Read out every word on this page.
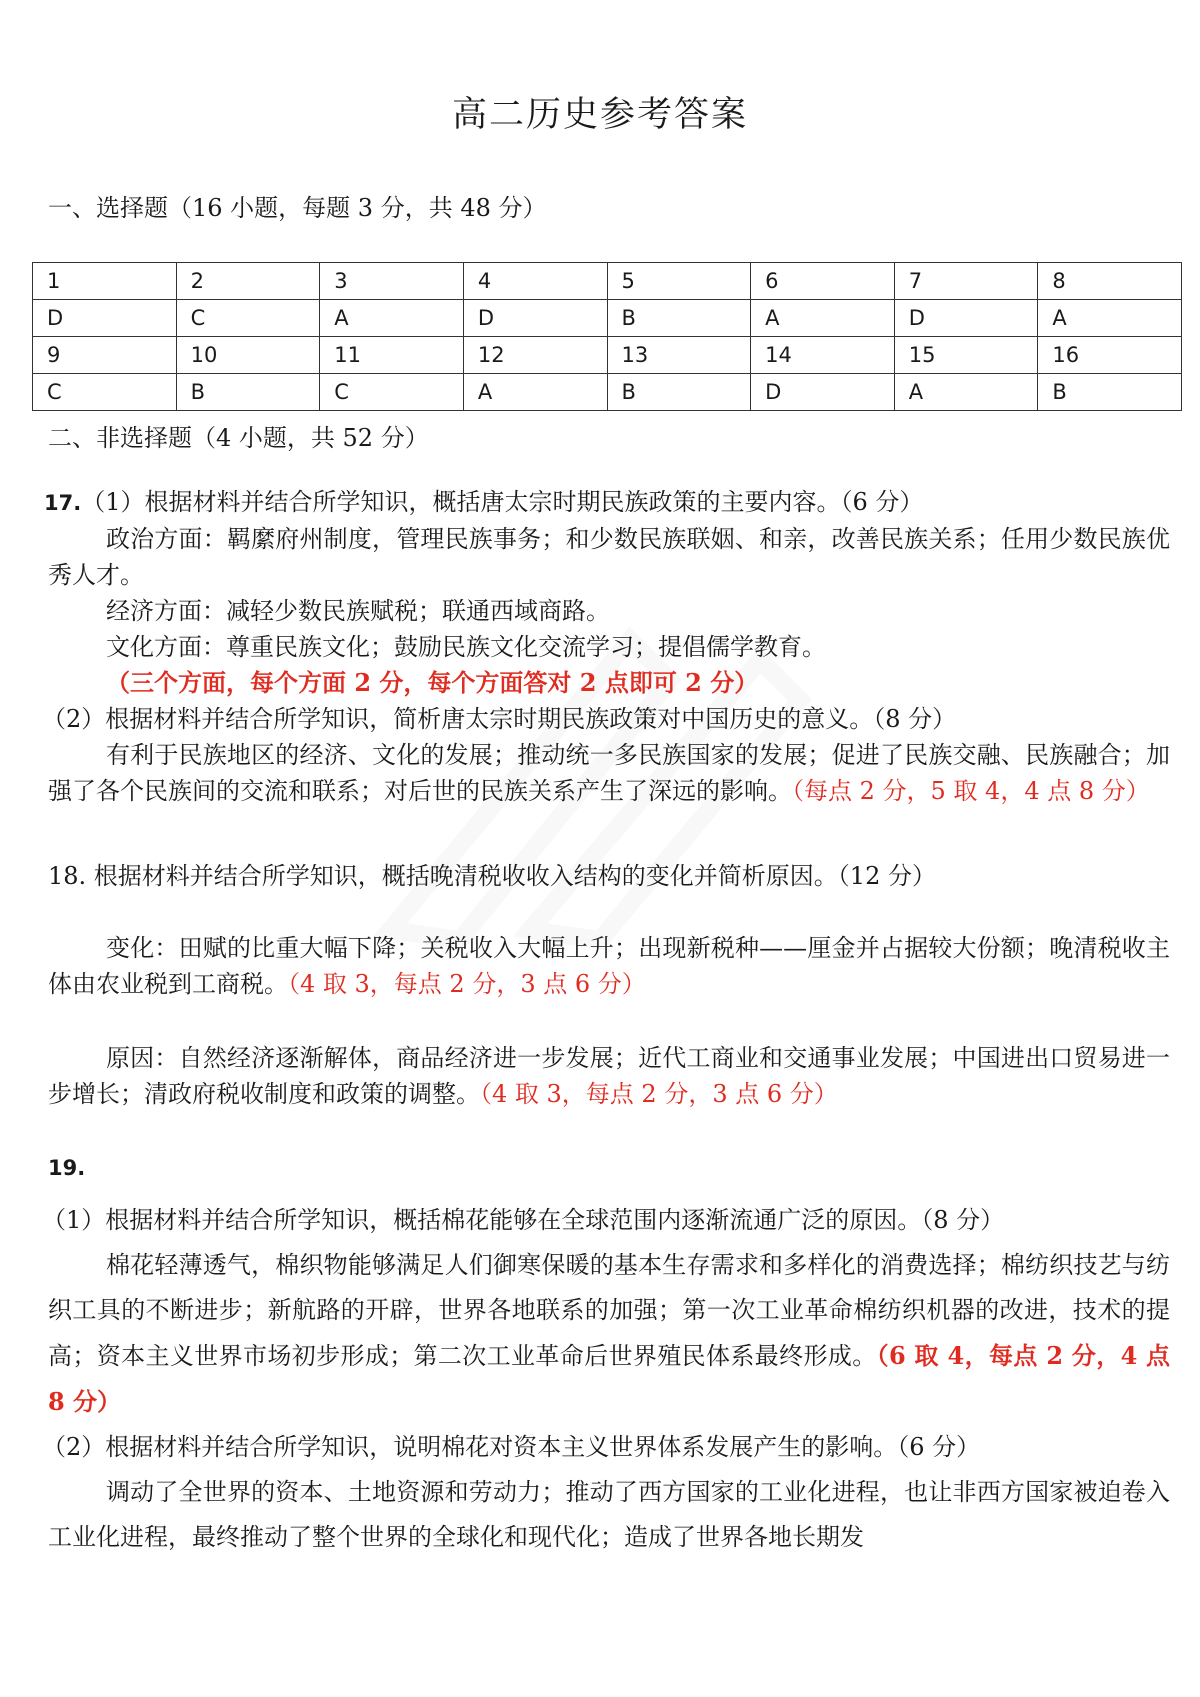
高二历史参考答案
一、选择题（16 小题，每题 3 分，共 48 分）
1	2	3	4	5	6	7	8
D	C	A	D	B	A	D	A
9	10	11	12	13	14	15	16
C	B	C	A	B	D	A	B
二、非选择题（4 小题，共 52 分）

17.（1）根据材料并结合所学知识，概括唐太宗时期民族政策的主要内容。（6 分）

政治方面：羁縻府州制度，管理民族事务；和少数民族联姻、和亲，改善民族关系；任用少数民族优秀人才。

经济方面：减轻少数民族赋税；联通西域商路。

文化方面：尊重民族文化；鼓励民族文化交流学习；提倡儒学教育。

（三个方面，每个方面 2 分，每个方面答对 2 点即可 2 分）

（2）根据材料并结合所学知识，简析唐太宗时期民族政策对中国历史的意义。（8 分）

有利于民族地区的经济、文化的发展；推动统一多民族国家的发展；促进了民族交融、民族融合；加强了各个民族间的交流和联系；对后世的民族关系产生了深远的影响。（每点 2 分，5 取 4，4 点 8 分）

18. 根据材料并结合所学知识，概括晚清税收收入结构的变化并简析原因。（12 分）

变化：田赋的比重大幅下降；关税收入大幅上升；出现新税种——厘金并占据较大份额；晚清税收主体由农业税到工商税。（4 取 3，每点 2 分，3 点 6 分）

原因：自然经济逐渐解体，商品经济进一步发展；近代工商业和交通事业发展；中国进出口贸易进一步增长；清政府税收制度和政策的调整。（4 取 3，每点 2 分，3 点 6 分）

19.

（1）根据材料并结合所学知识，概括棉花能够在全球范围内逐渐流通广泛的原因。（8 分）

棉花轻薄透气，棉织物能够满足人们御寒保暖的基本生存需求和多样化的消费选择；棉纺织技艺与纺织工具的不断进步；新航路的开辟，世界各地联系的加强；第一次工业革命棉纺织机器的改进，技术的提高；资本主义世界市场初步形成；第二次工业革命后世界殖民体系最终形成。（6 取 4，每点 2 分，4 点 8 分）

（2）根据材料并结合所学知识，说明棉花对资本主义世界体系发展产生的影响。（6 分）

调动了全世界的资本、土地资源和劳动力；推动了西方国家的工业化进程，也让非西方国家被迫卷入工业化进程，最终推动了整个世界的全球化和现代化；造成了世界各地长期发
